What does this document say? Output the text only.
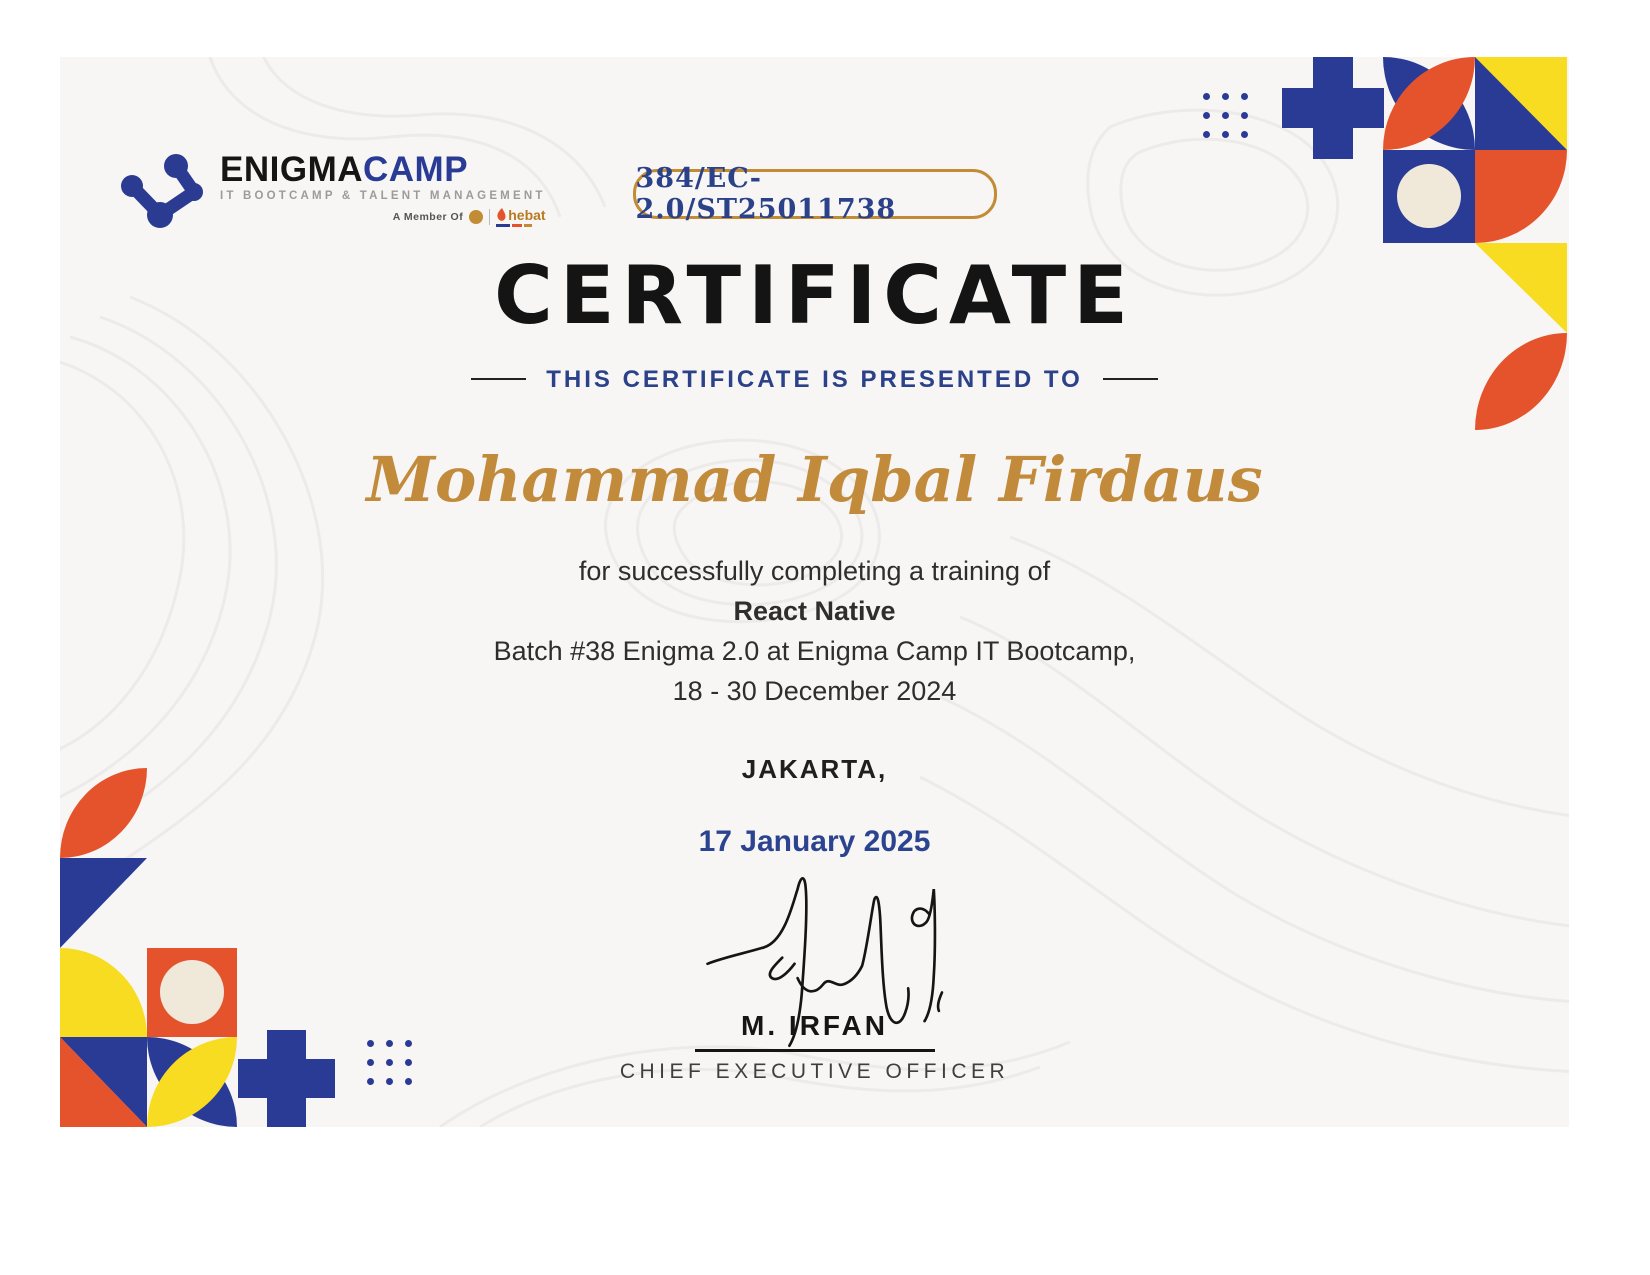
ENIGMACAMP
IT BOOTCAMP & TALENT MANAGEMENT
A Member Of	hebat
384/EC-2.0/ST25011738
CERTIFICATE
THIS CERTIFICATE IS PRESENTED TO
Mohammad Iqbal Firdaus
for successfully completing a training of
React Native
Batch #38 Enigma 2.0 at Enigma Camp IT Bootcamp,
18 - 30 December 2024
JAKARTA,
17 January 2025
M. IRFAN
CHIEF EXECUTIVE OFFICER
